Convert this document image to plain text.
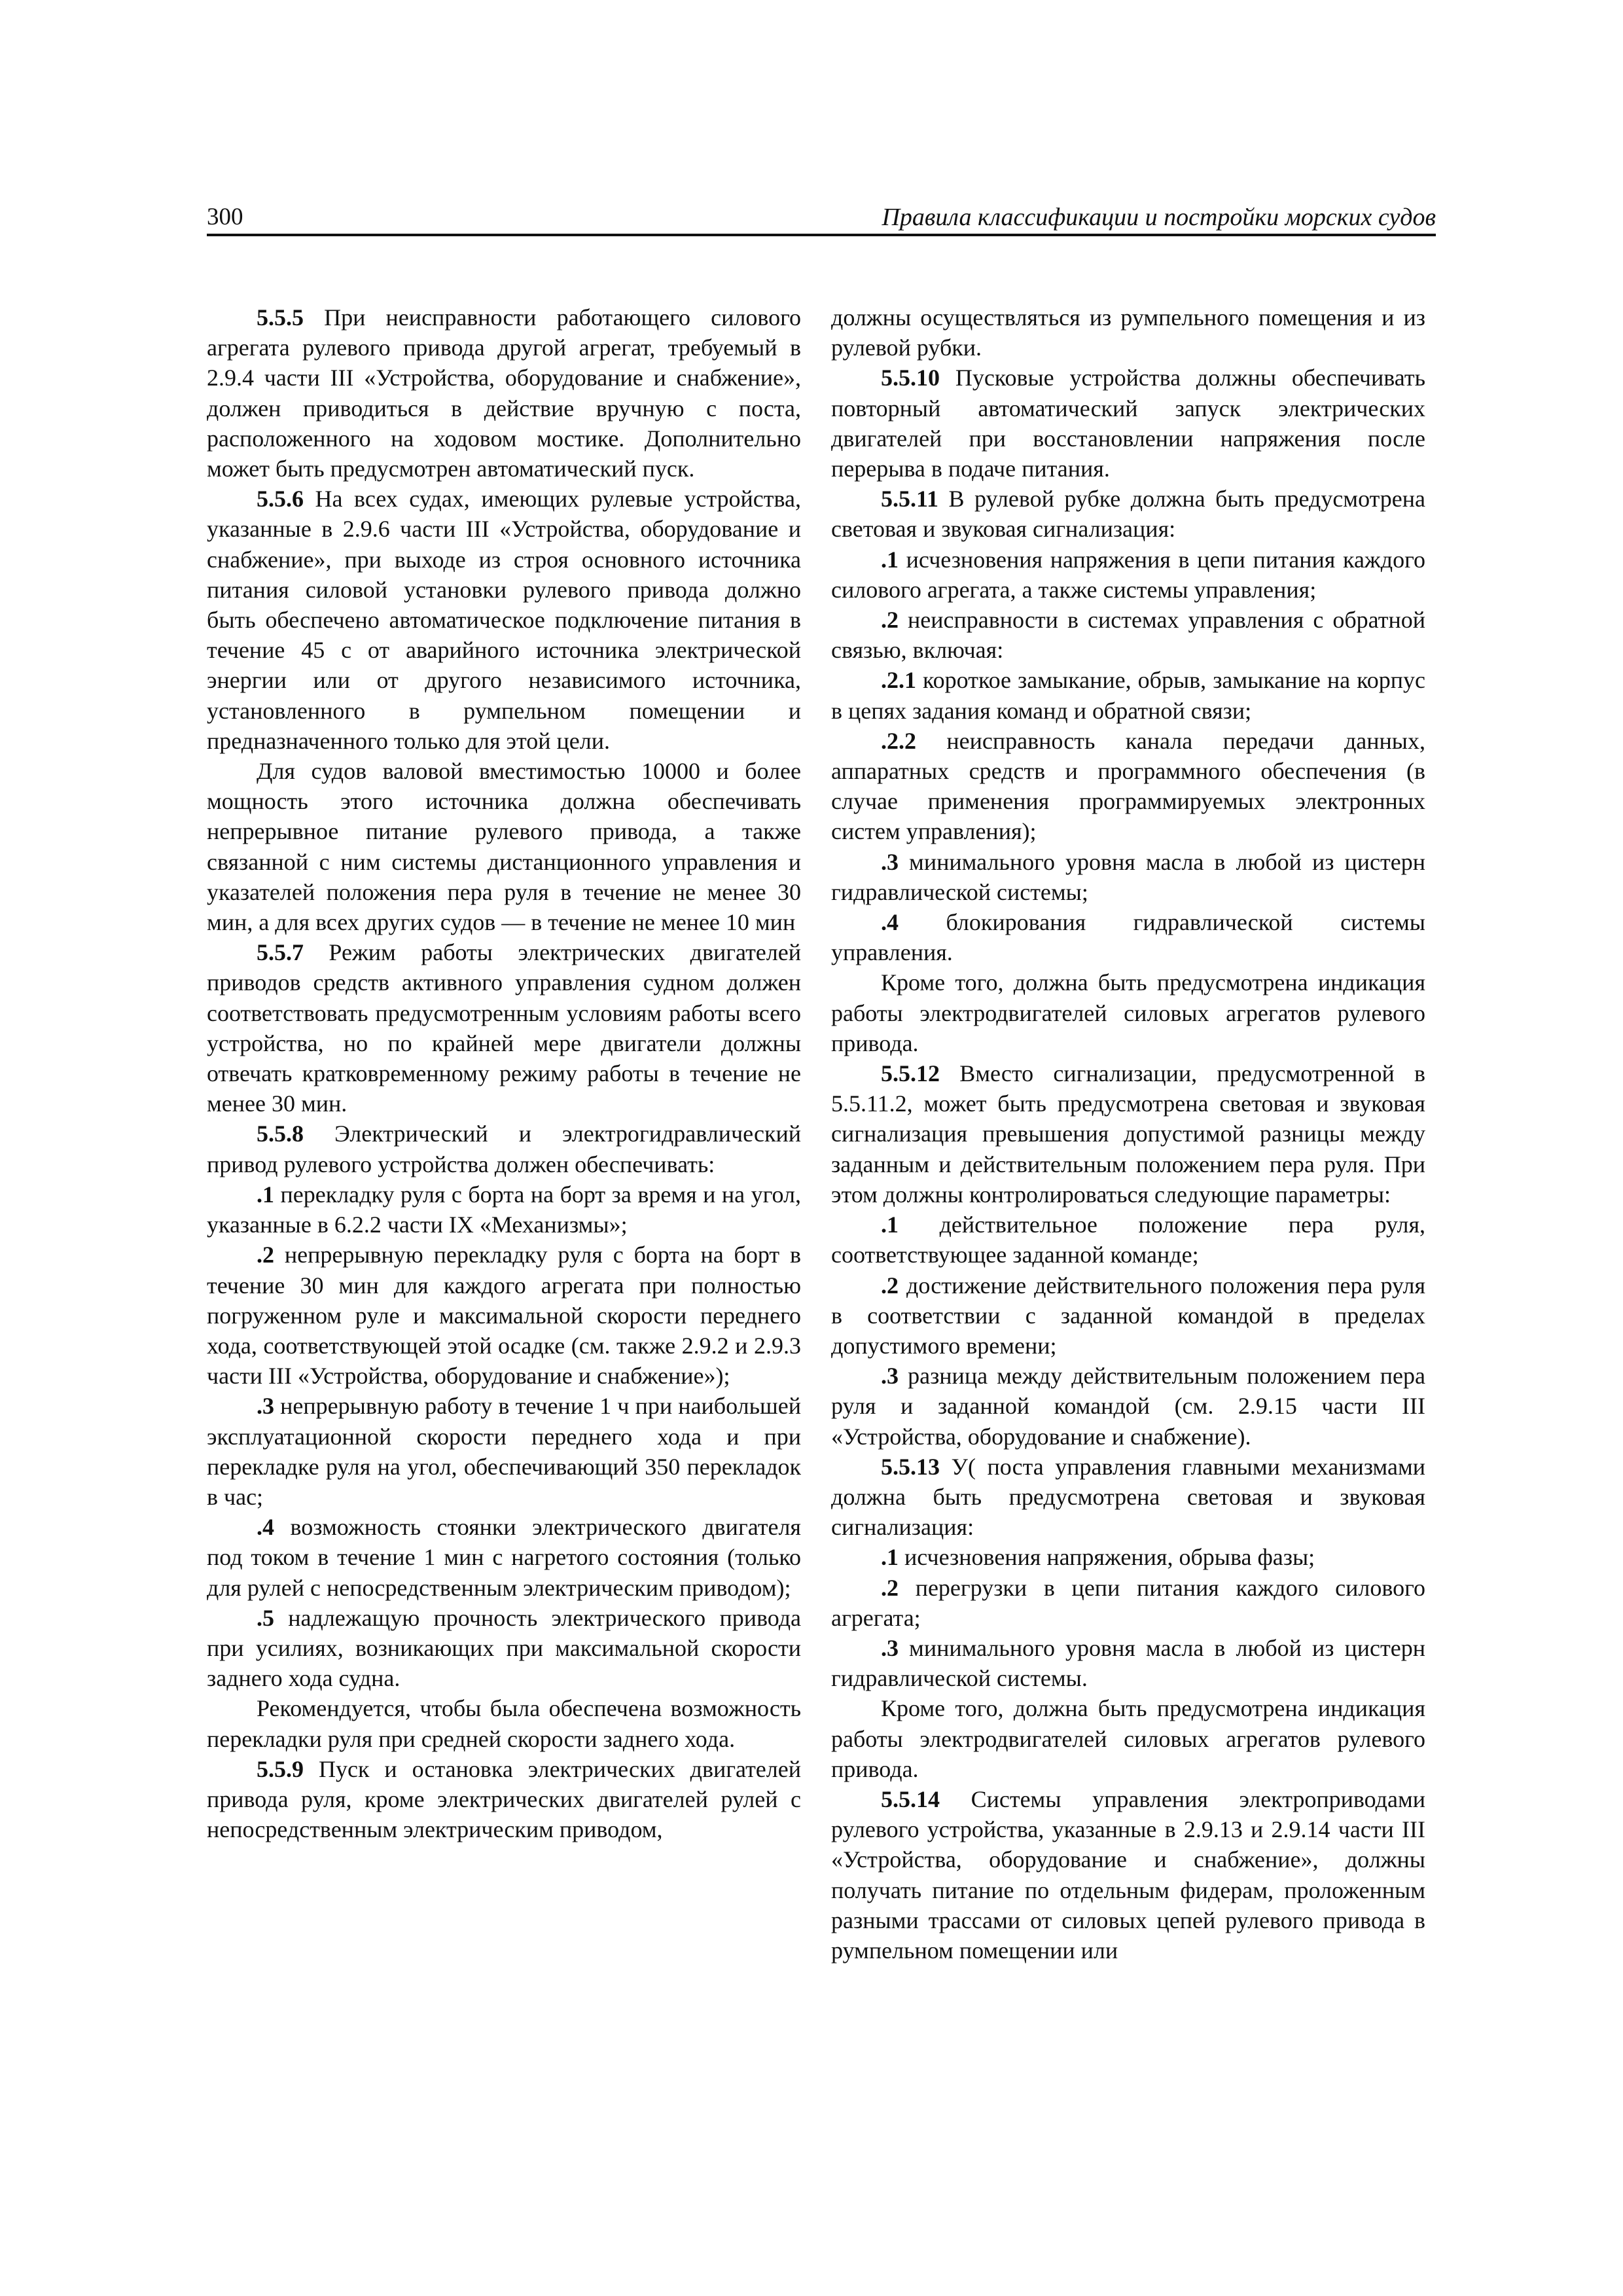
300	Правила классификации и постройки морских судов

5.5.5 При неисправности работающего силового агрегата рулевого привода другой агрегат, требуемый в 2.9.4 части III «Устройства, оборудование и снабжение», должен приводиться в действие вручную с поста, расположенного на ходовом мостике. Дополнительно может быть предусмотрен автоматический пуск.

5.5.6 На всех судах, имеющих рулевые устройства, указанные в 2.9.6 части III «Устройства, оборудование и снабжение», при выходе из строя основного источника питания силовой установки рулевого привода должно быть обеспечено автоматическое подключение питания в течение 45 с от аварийного источника электрической энергии или от другого независимого источника, установленного в румпельном помещении и предназначенного только для этой цели.

Для судов валовой вместимостью 10000 и более мощность этого источника должна обеспечивать непрерывное питание рулевого привода, а также связанной с ним системы дистанционного управления и указателей положения пера руля в течение не менее 30 мин, а для всех других судов — в течение не менее 10 мин

5.5.7 Режим работы электрических двигателей приводов средств активного управления судном должен соответствовать предусмотренным условиям работы всего устройства, но по крайней мере двигатели должны отвечать кратковременному режиму работы в течение не менее 30 мин.

5.5.8 Электрический и электрогидравлический привод рулевого устройства должен обеспечивать:

.1 перекладку руля с борта на борт за время и на угол, указанные в 6.2.2 части IX «Механизмы»;

.2 непрерывную перекладку руля с борта на борт в течение 30 мин для каждого агрегата при полностью погруженном руле и максимальной скорости переднего хода, соответствующей этой осадке (см. также 2.9.2 и 2.9.3 части III «Устройства, оборудование и снабжение»);

.3 непрерывную работу в течение 1 ч при наибольшей эксплуатационной скорости переднего хода и при перекладке руля на угол, обеспечивающий 350 перекладок в час;

.4 возможность стоянки электрического двигателя под током в течение 1 мин с нагретого состояния (только для рулей с непосредственным электрическим приводом);

.5 надлежащую прочность электрического привода при усилиях, возникающих при максимальной скорости заднего хода судна.

Рекомендуется, чтобы была обеспечена возможность перекладки руля при средней скорости заднего хода.

5.5.9 Пуск и остановка электрических двигателей привода руля, кроме электрических двигателей рулей с непосредственным электрическим приводом,

должны осуществляться из румпельного помещения и из рулевой рубки.

5.5.10 Пусковые устройства должны обеспечивать повторный автоматический запуск электрических двигателей при восстановлении напряжения после перерыва в подаче питания.

5.5.11 В рулевой рубке должна быть предусмотрена световая и звуковая сигнализация:

.1 исчезновения напряжения в цепи питания каждого силового агрегата, а также системы управления;

.2 неисправности в системах управления с обратной связью, включая:

.2.1 короткое замыкание, обрыв, замыкание на корпус в цепях задания команд и обратной связи;

.2.2 неисправность канала передачи данных, аппаратных средств и программного обеспечения (в случае применения программируемых электронных систем управления);

.3 минимального уровня масла в любой из цистерн гидравлической системы;

.4 блокирования гидравлической системы управления.

Кроме того, должна быть предусмотрена индикация работы электродвигателей силовых агрегатов рулевого привода.

5.5.12 Вместо сигнализации, предусмотренной в 5.5.11.2, может быть предусмотрена световая и звуковая сигнализация превышения допустимой разницы между заданным и действительным положением пера руля. При этом должны контролироваться следующие параметры:

.1 действительное положение пера руля, соответствующее заданной команде;

.2 достижение действительного положения пера руля в соответствии с заданной командой в пределах допустимого времени;

.3 разница между действительным положением пера руля и заданной командой (см. 2.9.15 части III «Устройства, оборудование и снабжение).

5.5.13 У( поста управления главными механизмами должна быть предусмотрена световая и звуковая сигнализация:

.1 исчезновения напряжения, обрыва фазы;

.2 перегрузки в цепи питания каждого силового агрегата;

.3 минимального уровня масла в любой из цистерн гидравлической системы.

Кроме того, должна быть предусмотрена индикация работы электродвигателей силовых агрегатов рулевого привода.

5.5.14 Системы управления электроприводами рулевого устройства, указанные в 2.9.13 и 2.9.14 части III «Устройства, оборудование и снабжение», должны получать питание по отдельным фидерам, проложенным разными трассами от силовых цепей рулевого привода в румпельном помещении или
